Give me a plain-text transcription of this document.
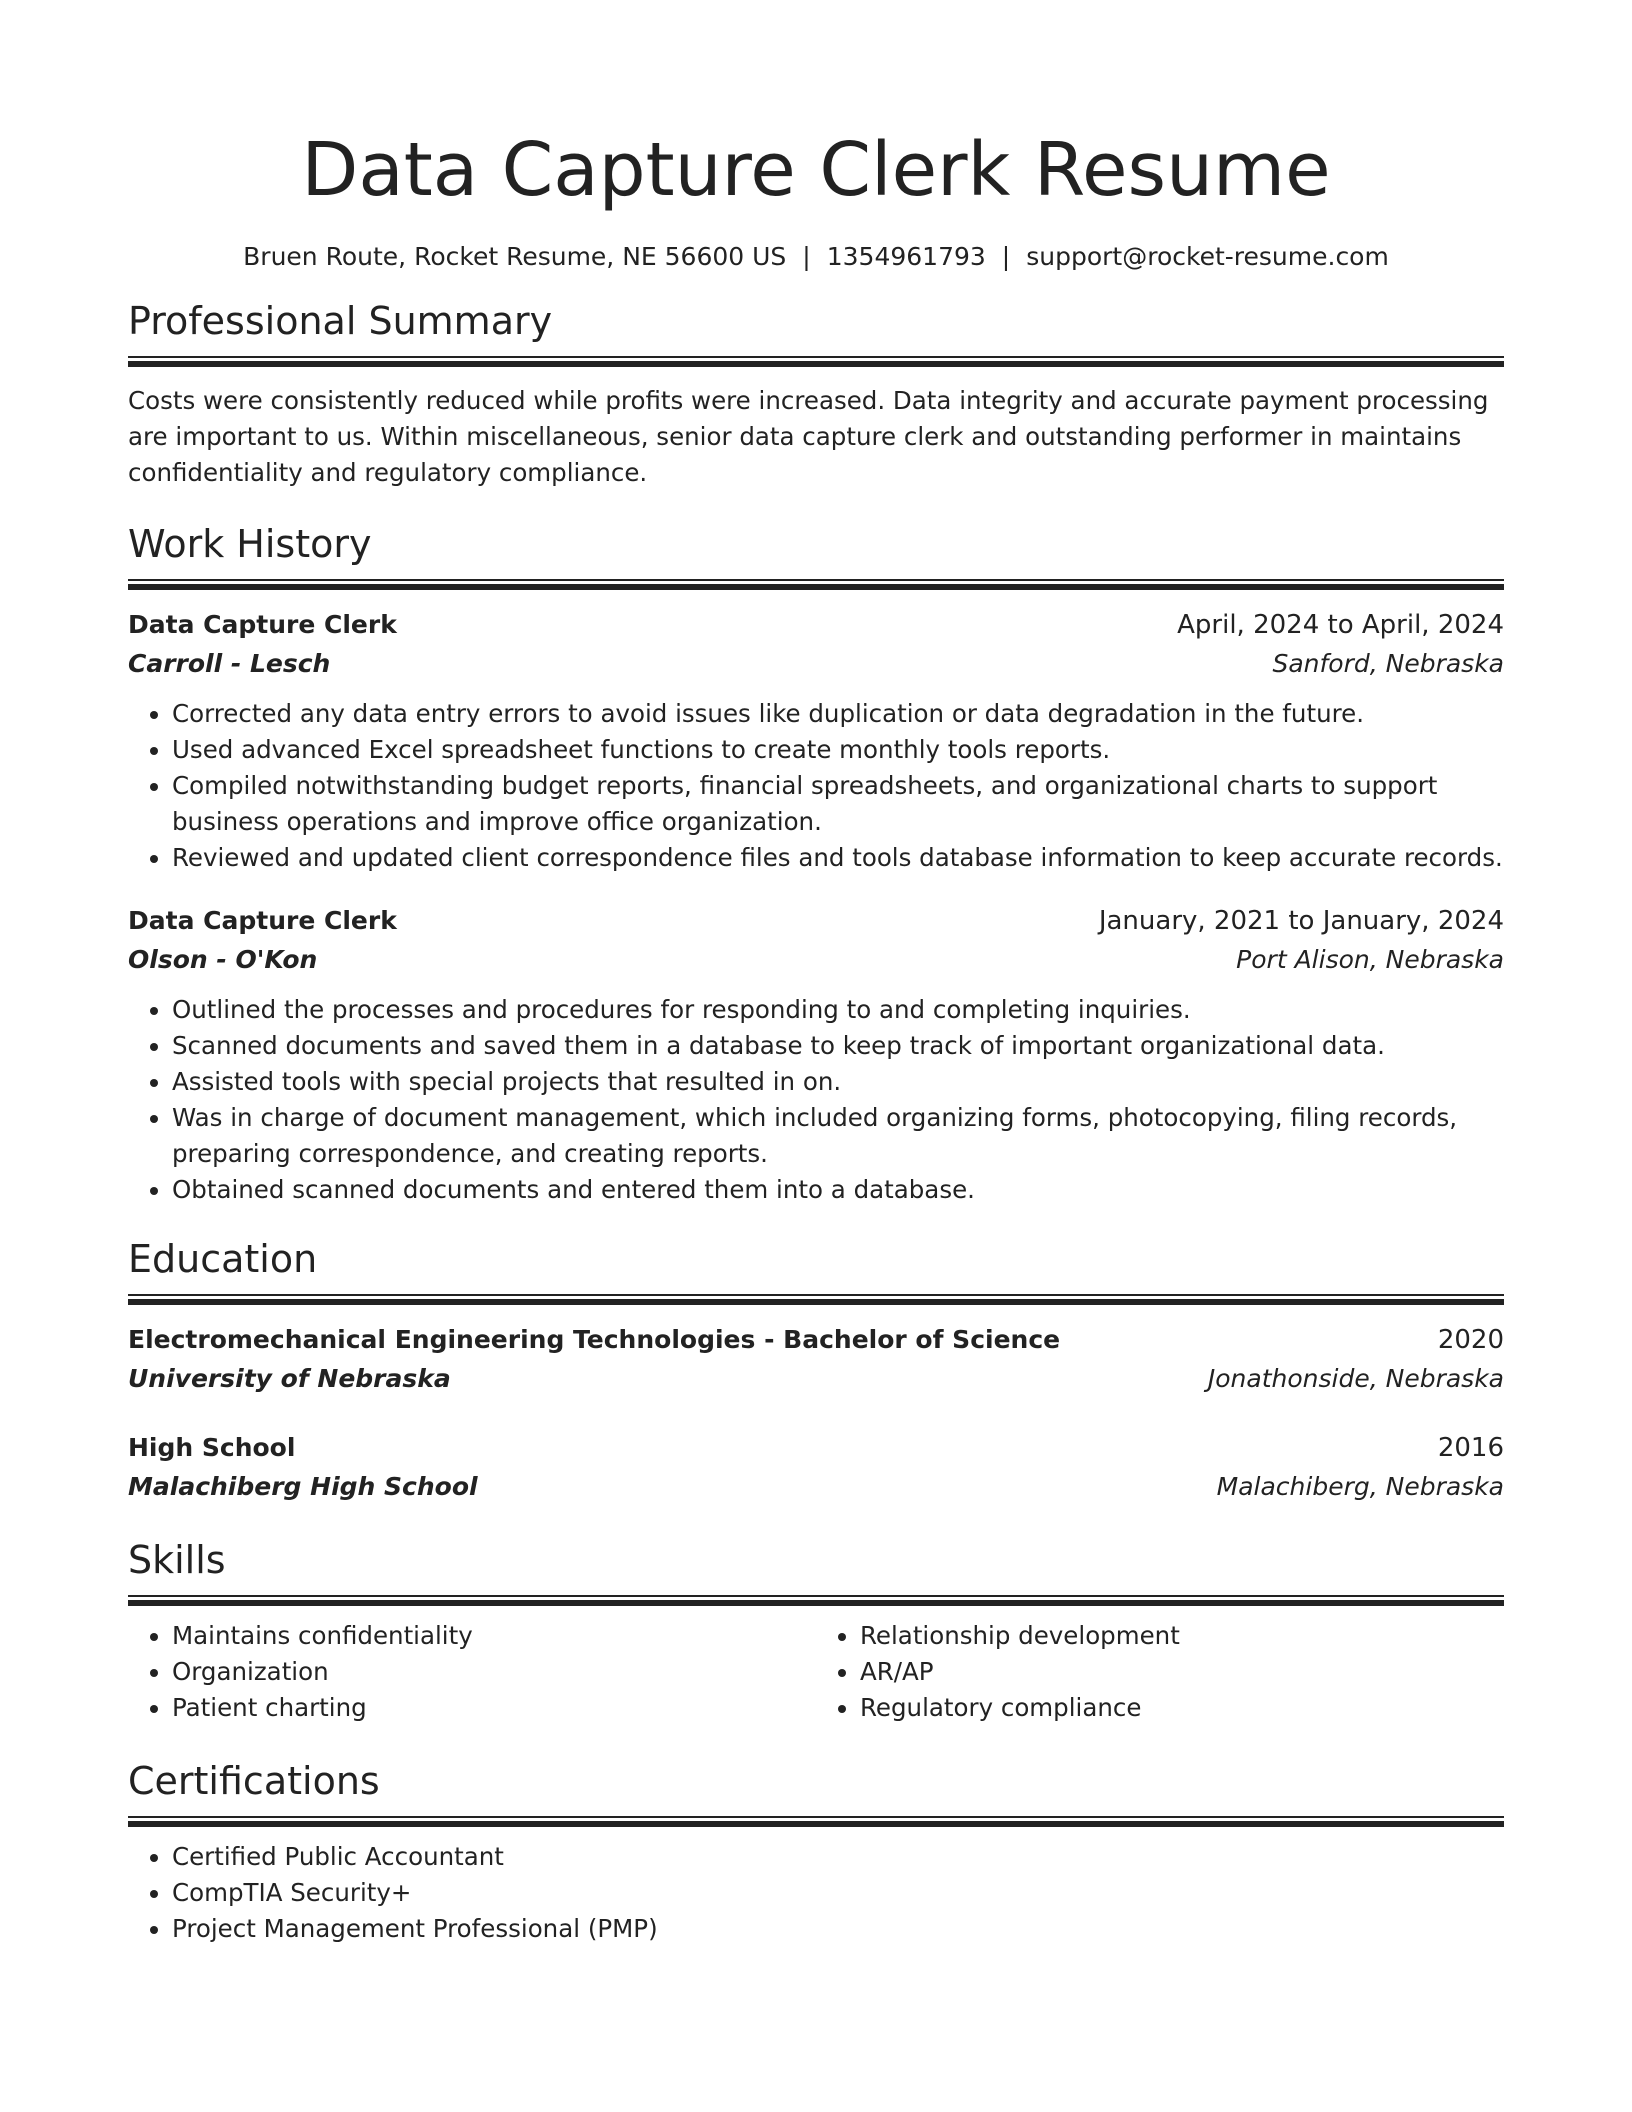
Data Capture Clerk Resume
Bruen Route, Rocket Resume, NE 56600 US | 1354961793 | support@rocket-resume.com
Professional Summary

Costs were consistently reduced while profits were increased. Data integrity and accurate payment processing are important to us. Within miscellaneous, senior data capture clerk and outstanding performer in maintains confidentiality and regulatory compliance.

Work History
Data Capture Clerk	April, 2024 to April, 2024
Carroll - Lesch	Sanford, Nebraska
• Corrected any data entry errors to avoid issues like duplication or data degradation in the future.
• Used advanced Excel spreadsheet functions to create monthly tools reports.
• Compiled notwithstanding budget reports, financial spreadsheets, and organizational charts to support business operations and improve office organization.
• Reviewed and updated client correspondence files and tools database information to keep accurate records.
Data Capture Clerk	January, 2021 to January, 2024
Olson - O'Kon	Port Alison, Nebraska
• Outlined the processes and procedures for responding to and completing inquiries.
• Scanned documents and saved them in a database to keep track of important organizational data.
• Assisted tools with special projects that resulted in on.
• Was in charge of document management, which included organizing forms, photocopying, filing records, preparing correspondence, and creating reports.
• Obtained scanned documents and entered them into a database.
Education
Electromechanical Engineering Technologies - Bachelor of Science	2020
University of Nebraska	Jonathonside, Nebraska
High School	2016
Malachiberg High School	Malachiberg, Nebraska
Skills
• Maintains confidentiality
• Organization
• Patient charting
• Relationship development
• AR/AP
• Regulatory compliance
Certifications
• Certified Public Accountant
• CompTIA Security+
• Project Management Professional (PMP)
